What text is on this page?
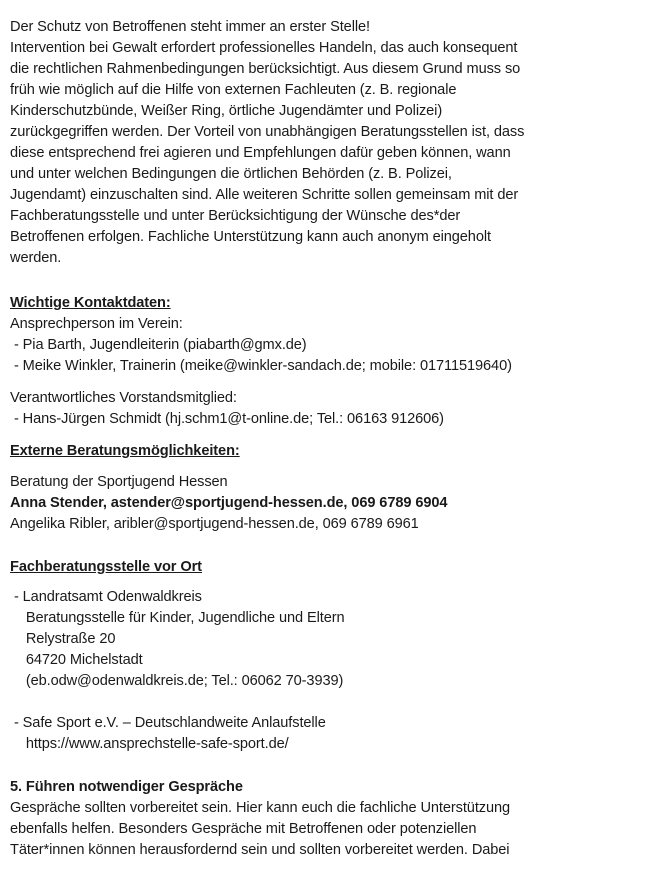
Der Schutz von Betroffenen steht immer an erster Stelle!
Intervention bei Gewalt erfordert professionelles Handeln, das auch konsequent
die rechtlichen Rahmenbedingungen berücksichtigt. Aus diesem Grund muss so
früh wie möglich auf die Hilfe von externen Fachleuten (z. B. regionale
Kinderschutzbünde, Weißer Ring, örtliche Jugendämter und Polizei)
zurückgegriffen werden. Der Vorteil von unabhängigen Beratungsstellen ist, dass
diese entsprechend frei agieren und Empfehlungen dafür geben können, wann
und unter welchen Bedingungen die örtlichen Behörden (z. B. Polizei,
Jugendamt) einzuschalten sind. Alle weiteren Schritte sollen gemeinsam mit der
Fachberatungsstelle und unter Berücksichtigung der Wünsche des*der
Betroffenen erfolgen. Fachliche Unterstützung kann auch anonym eingeholt
werden.
Wichtige Kontaktdaten:
Ansprechperson im Verein:
- Pia Barth, Jugendleiterin (piabarth@gmx.de)
- Meike Winkler, Trainerin (meike@winkler-sandach.de; mobile: 01711519640)
Verantwortliches Vorstandsmitglied:
- Hans-Jürgen Schmidt (hj.schm1@t-online.de; Tel.: 06163 912606)
Externe Beratungsmöglichkeiten:
Beratung der Sportjugend Hessen
Anna Stender, astender@sportjugend-hessen.de, 069 6789 6904
Angelika Ribler, aribler@sportjugend-hessen.de, 069 6789 6961
Fachberatungsstelle vor Ort
- Landratsamt Odenwaldkreis
Beratungsstelle für Kinder, Jugendliche und Eltern
Relystraße 20
64720 Michelstadt
(eb.odw@odenwaldkreis.de; Tel.: 06062 70-3939)
- Safe Sport e.V. – Deutschlandweite Anlaufstelle
https://www.ansprechstelle-safe-sport.de/
5. Führen notwendiger Gespräche
Gespräche sollten vorbereitet sein. Hier kann euch die fachliche Unterstützung
ebenfalls helfen. Besonders Gespräche mit Betroffenen oder potenziellen
Täter*innen können herausfordernd sein und sollten vorbereitet werden. Dabei
